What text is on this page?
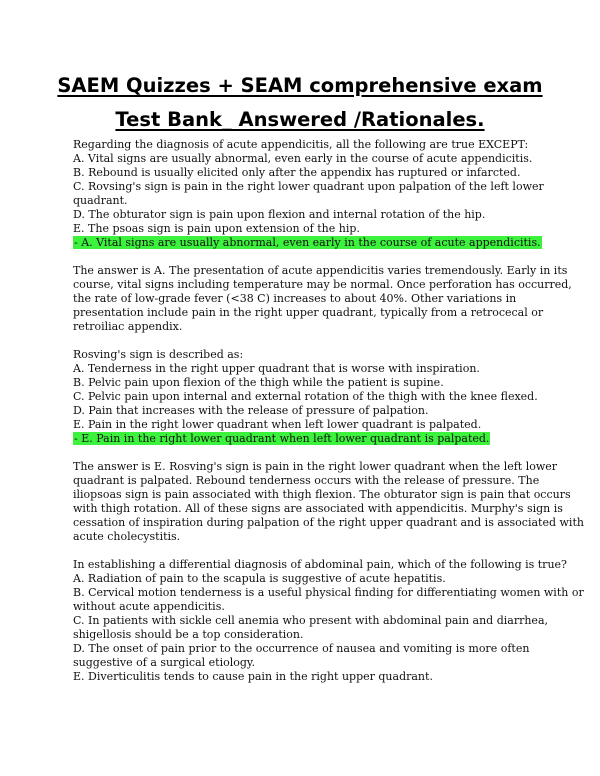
SAEM Quizzes + SEAM comprehensive exam
Test Bank_ Answered /Rationales.
Regarding the diagnosis of acute appendicitis, all the following are true EXCEPT:
A. Vital signs are usually abnormal, even early in the course of acute appendicitis.
B. Rebound is usually elicited only after the appendix has ruptured or infarcted.
C. Rovsing's sign is pain in the right lower quadrant upon palpation of the left lower
quadrant.
D. The obturator sign is pain upon flexion and internal rotation of the hip.
E. The psoas sign is pain upon extension of the hip.
- A. Vital signs are usually abnormal, even early in the course of acute appendicitis.
The answer is A. The presentation of acute appendicitis varies tremendously. Early in its
course, vital signs including temperature may be normal. Once perforation has occurred,
the rate of low-grade fever (<38 C) increases to about 40%. Other variations in
presentation include pain in the right upper quadrant, typically from a retrocecal or
retroiliac appendix.
Rosving's sign is described as:
A. Tenderness in the right upper quadrant that is worse with inspiration.
B. Pelvic pain upon flexion of the thigh while the patient is supine.
C. Pelvic pain upon internal and external rotation of the thigh with the knee flexed.
D. Pain that increases with the release of pressure of palpation.
E. Pain in the right lower quadrant when left lower quadrant is palpated.
- E. Pain in the right lower quadrant when left lower quadrant is palpated.
The answer is E. Rosving's sign is pain in the right lower quadrant when the left lower
quadrant is palpated. Rebound tenderness occurs with the release of pressure. The
iliopsoas sign is pain associated with thigh flexion. The obturator sign is pain that occurs
with thigh rotation. All of these signs are associated with appendicitis. Murphy's sign is
cessation of inspiration during palpation of the right upper quadrant and is associated with
acute cholecystitis.
In establishing a differential diagnosis of abdominal pain, which of the following is true?
A. Radiation of pain to the scapula is suggestive of acute hepatitis.
B. Cervical motion tenderness is a useful physical finding for differentiating women with or
without acute appendicitis.
C. In patients with sickle cell anemia who present with abdominal pain and diarrhea,
shigellosis should be a top consideration.
D. The onset of pain prior to the occurrence of nausea and vomiting is more often
suggestive of a surgical etiology.
E. Diverticulitis tends to cause pain in the right upper quadrant.
